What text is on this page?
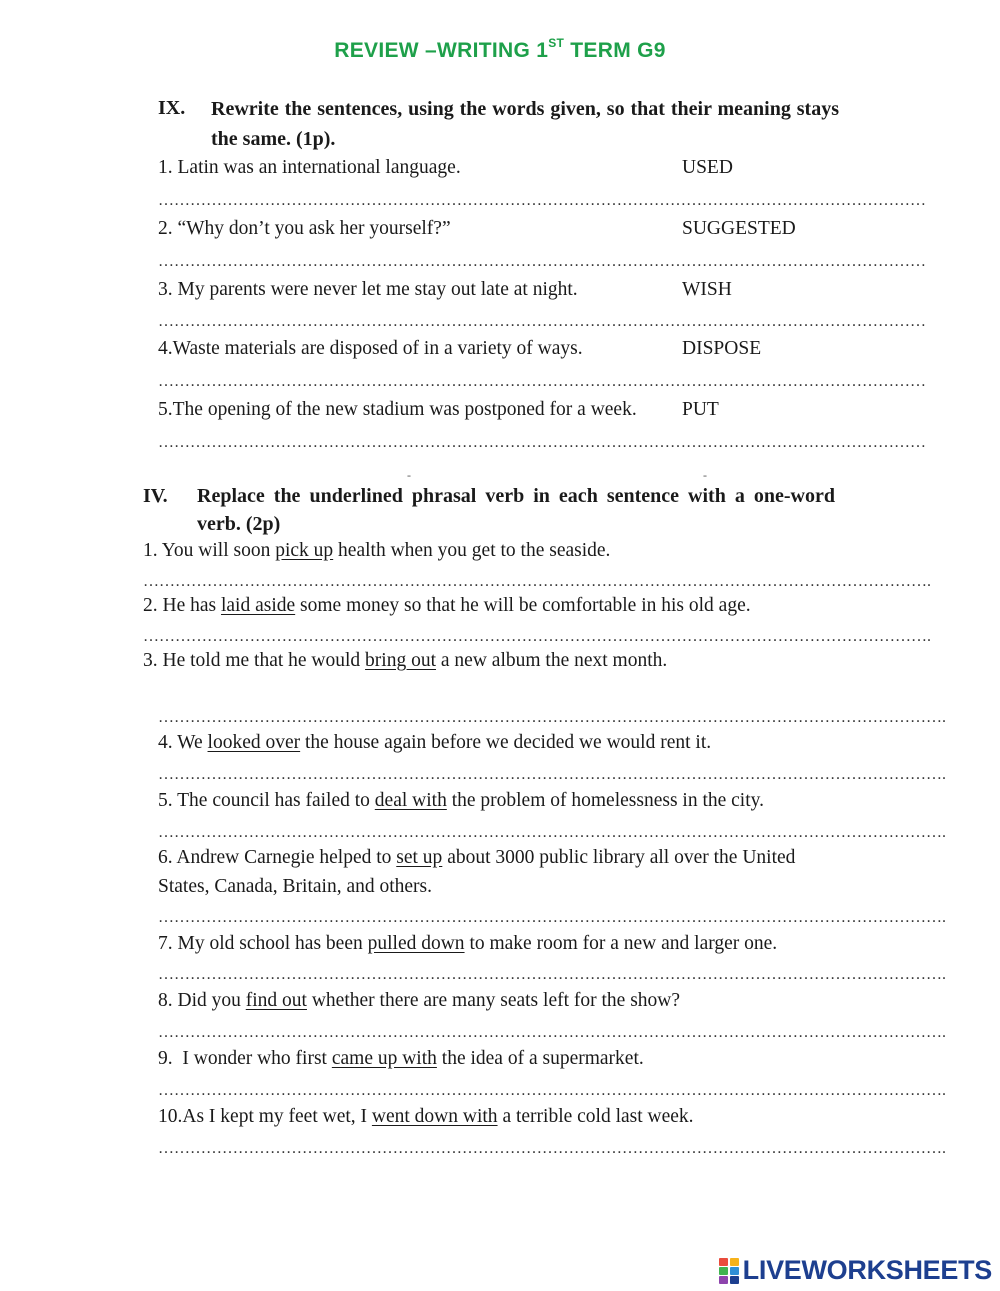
REVIEW –WRITING 1ST TERM G9
IX. Rewrite the sentences, using the words given, so that their meaning stays the same. (1p).
1. Latin was an international language.	USED
………………………………………………………………………………………………………………………………
2. “Why don’t you ask her yourself?”	SUGGESTED
………………………………………………………………………………………………………………………………
3. My parents were never let me stay out late at night.	WISH
………………………………………………………………………………………………………………………………
4.Waste materials are disposed of in a variety of ways.	DISPOSE
………………………………………………………………………………………………………………………………
5.The opening of the new stadium was postponed for a week. PUT
………………………………………………………………………………………………………………………………
-	-
IV. Replace the underlined phrasal verb in each sentence with a one-word verb. (2p)
1. You will soon pick up health when you get to the seaside.
………………………………………………………………………………………………………………………………….
2. He has laid aside some money so that he will be comfortable in his old age.
………………………………………………………………………………………………………………………………….
3. He told me that he would bring out a new album the next month.
………………………………………………………………………………………………………………………………….
4. We looked over the house again before we decided we would rent it.
………………………………………………………………………………………………………………………………….
5. The council has failed to deal with the problem of homelessness in the city.
………………………………………………………………………………………………………………………………….
6. Andrew Carnegie helped to set up about 3000 public library all over the United
States, Canada, Britain, and others.
………………………………………………………………………………………………………………………………….
7. My old school has been pulled down to make room for a new and larger one.
………………………………………………………………………………………………………………………………….
8. Did you find out whether there are many seats left for the show?
………………………………………………………………………………………………………………………………….
9.  I wonder who first came up with the idea of a supermarket.
………………………………………………………………………………………………………………………………….
10.As I kept my feet wet, I went down with a terrible cold last week.
………………………………………………………………………………………………………………………………….
LIVEWORKSHEETS
